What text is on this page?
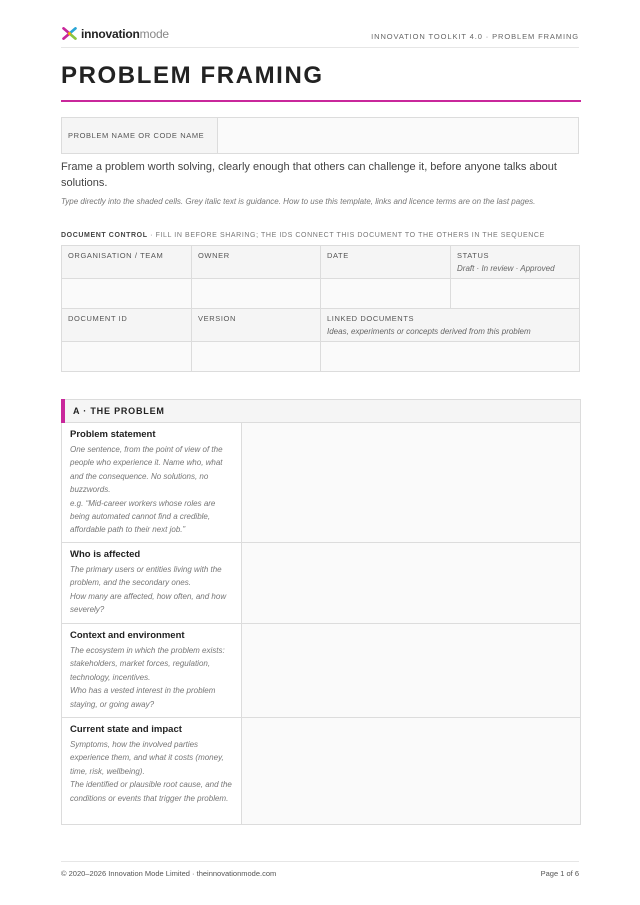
innovationmode	INNOVATION TOOLKIT 4.0 · PROBLEM FRAMING
PROBLEM FRAMING
PROBLEM NAME OR CODE NAME
Frame a problem worth solving, clearly enough that others can challenge it, before anyone talks about solutions.
Type directly into the shaded cells. Grey italic text is guidance. How to use this template, links and licence terms are on the last pages.
DOCUMENT CONTROL · FILL IN BEFORE SHARING; THE IDS CONNECT THIS DOCUMENT TO THE OTHERS IN THE SEQUENCE
ORGANISATION / TEAM	OWNER	DATE	STATUS
Draft · In review · Approved

DOCUMENT ID	VERSION	LINKED DOCUMENTS
Ideas, experiments or concepts derived from this problem	

A · THE PROBLEM
Problem statement

One sentence, from the point of view of the people who experience it. Name who, what and the consequence. No solutions, no buzzwords.
e.g. “Mid-career workers whose roles are being automated cannot find a credible, affordable path to their next job.”

Who is affected

The primary users or entities living with the problem, and the secondary ones.
How many are affected, how often, and how severely?

Context and environment

The ecosystem in which the problem exists: stakeholders, market forces, regulation, technology, incentives.
Who has a vested interest in the problem staying, or going away?

Current state and impact

Symptoms, how the involved parties experience them, and what it costs (money, time, risk, wellbeing).
The identified or plausible root cause, and the conditions or events that trigger the problem.

© 2020–2026 Innovation Mode Limited · theinnovationmode.com	Page 1 of 6
